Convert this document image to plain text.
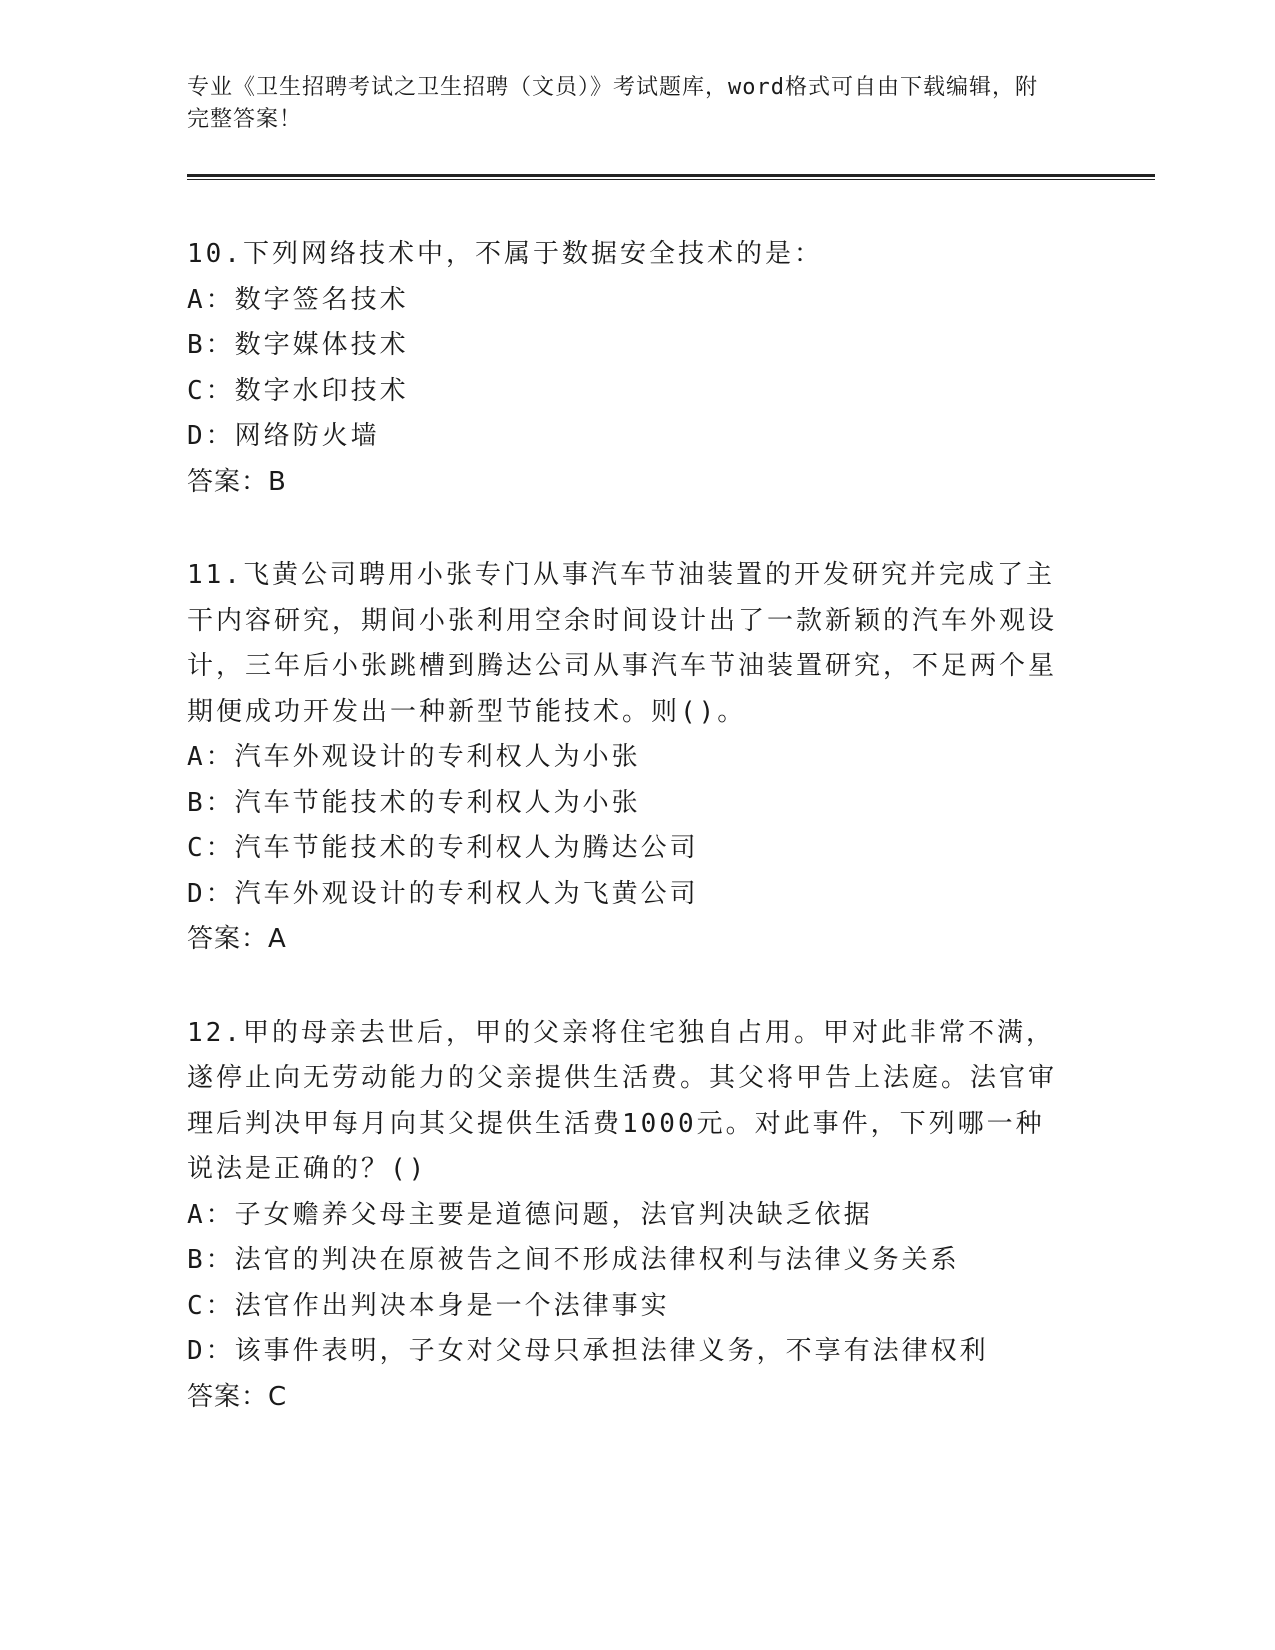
专业《卫生招聘考试之卫生招聘（文员）》考试题库，word格式可自由下载编辑，附完整答案！
10.下列网络技术中，不属于数据安全技术的是：
A：数字签名技术
B：数字媒体技术
C：数字水印技术
D：网络防火墙
答案：B
11.飞黄公司聘用小张专门从事汽车节油装置的开发研究并完成了主干内容研究，期间小张利用空余时间设计出了一款新颖的汽车外观设计，三年后小张跳槽到腾达公司从事汽车节油装置研究，不足两个星期便成功开发出一种新型节能技术。则()。
A：汽车外观设计的专利权人为小张
B：汽车节能技术的专利权人为小张
C：汽车节能技术的专利权人为腾达公司
D：汽车外观设计的专利权人为飞黄公司
答案：A
12.甲的母亲去世后，甲的父亲将住宅独自占用。甲对此非常不满，遂停止向无劳动能力的父亲提供生活费。其父将甲告上法庭。法官审理后判决甲每月向其父提供生活费1000元。对此事件，下列哪一种说法是正确的？()
A：子女赡养父母主要是道德问题，法官判决缺乏依据
B：法官的判决在原被告之间不形成法律权利与法律义务关系
C：法官作出判决本身是一个法律事实
D：该事件表明，子女对父母只承担法律义务，不享有法律权利
答案：C
